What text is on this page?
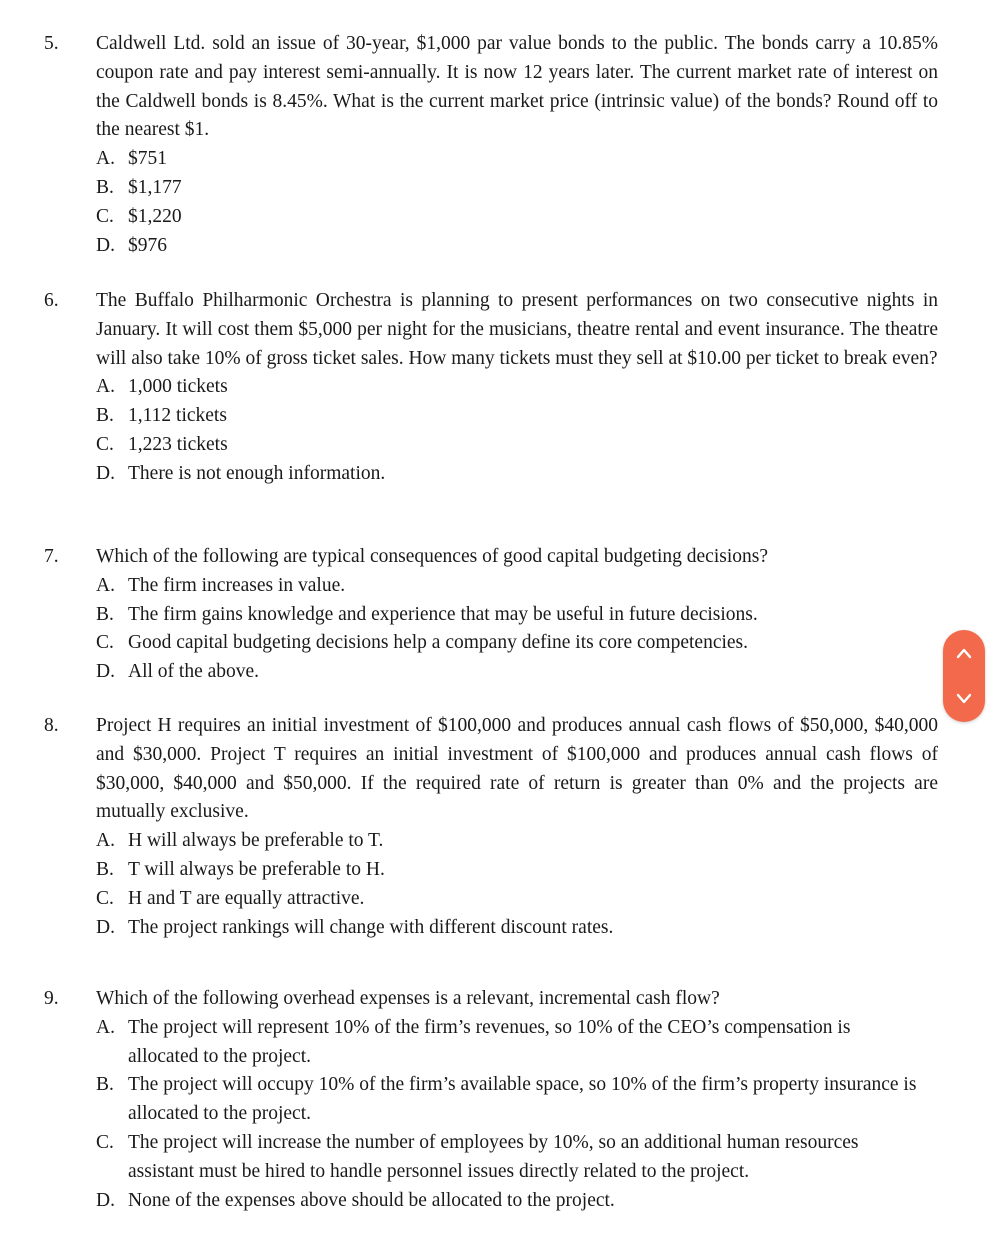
5.	Caldwell Ltd. sold an issue of 30-year, $1,000 par value bonds to the public. The bonds carry a 10.85% coupon rate and pay interest semi-annually. It is now 12 years later. The current market rate of interest on the Caldwell bonds is 8.45%. What is the current market price (intrinsic value) of the bonds? Round off to the nearest $1.

A. $751
B. $1,177
C. $1,220
D. $976
6.	The Buffalo Philharmonic Orchestra is planning to present performances on two consecutive nights in January. It will cost them $5,000 per night for the musicians, theatre rental and event insurance. The theatre will also take 10% of gross ticket sales. How many tickets must they sell at $10.00 per ticket to break even?

A. 1,000 tickets
B. 1,112 tickets
C. 1,223 tickets
D. There is not enough information.
7.	Which of the following are typical consequences of good capital budgeting decisions?

A. The firm increases in value.
B. The firm gains knowledge and experience that may be useful in future decisions.
C. Good capital budgeting decisions help a company define its core competencies.
D. All of the above.
8.	Project H requires an initial investment of $100,000 and produces annual cash flows of $50,000, $40,000 and $30,000. Project T requires an initial investment of $100,000 and produces annual cash flows of $30,000, $40,000 and $50,000. If the required rate of return is greater than 0% and the projects are mutually exclusive.

A. H will always be preferable to T.
B. T will always be preferable to H.
C. H and T are equally attractive.
D. The project rankings will change with different discount rates.
9.	Which of the following overhead expenses is a relevant, incremental cash flow?

A. The project will represent 10% of the firm’s revenues, so 10% of the CEO’s compensation is allocated to the project.
B. The project will occupy 10% of the firm’s available space, so 10% of the firm’s property insurance is allocated to the project.
C. The project will increase the number of employees by 10%, so an additional human resources assistant must be hired to handle personnel issues directly related to the project.
D. None of the expenses above should be allocated to the project.
